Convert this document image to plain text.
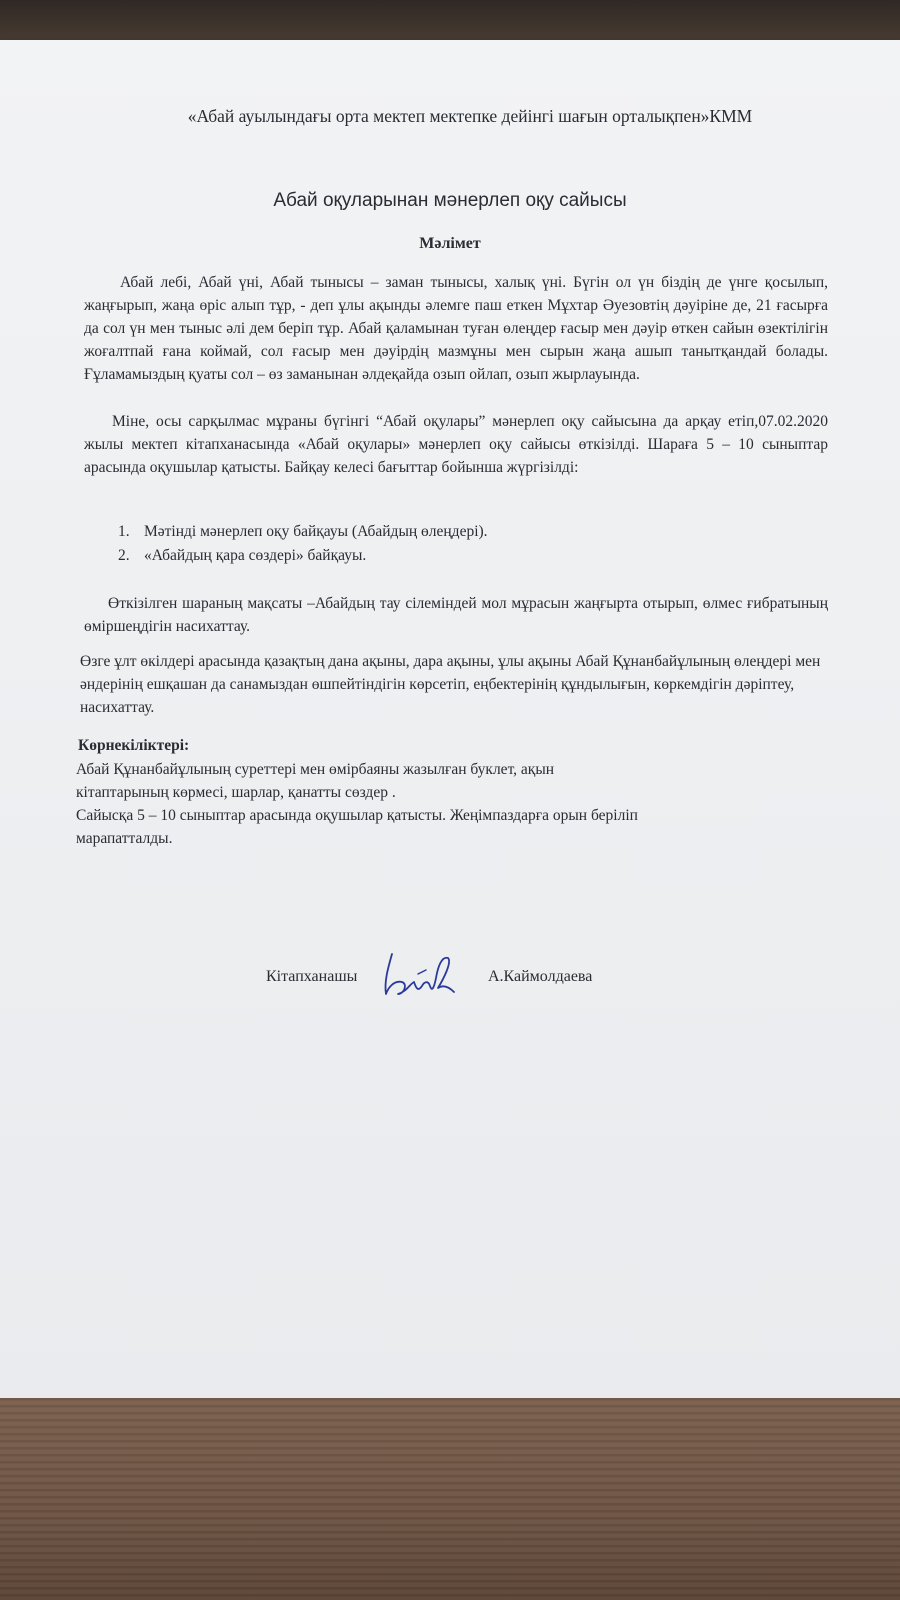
«Абай ауылындағы орта мектеп мектепке дейінгі шағын орталықпен»КММ
Абай оқуларынан мәнерлеп оқу сайысы
Мәлімет

Абай лебі, Абай үні, Абай тынысы – заман тынысы, халық үні. Бүгін ол үн біздің де үнге қосылып, жаңғырып, жаңа өріс алып тұр, - деп ұлы ақынды әлемге паш еткен Мұхтар Әуезовтің дәуіріне де, 21 ғасырға да сол үн мен тыныс әлі дем беріп тұр. Абай қаламынан туған өлеңдер ғасыр мен дәуір өткен сайын өзектілігін жоғалтпай ғана коймай, сол ғасыр мен дәуірдің мазмұны мен сырын жаңа ашып танытқандай болады. Ғұламамыздың қуаты сол – өз заманынан әлдеқайда озып ойлап, озып жырлауында.

Міне, осы сарқылмас мұраны бүгінгі “Абай оқулары” мәнерлеп оқу сайысына да арқау етіп,07.02.2020 жылы мектеп кітапханасында «Абай оқулары» мәнерлеп оқу сайысы өткізілді. Шараға 5 – 10 сыныптар арасында оқушылар қатысты. Байқау келесі бағыттар бойынша жүргізілді:

1. Мәтінді мәнерлеп оқу байқауы (Абайдың өлеңдері).
2. «Абайдың қара сөздері» байқауы.

Өткізілген шараның мақсаты –Абайдың тау сілеміндей мол мұрасын жаңғырта отырып, өлмес ғибратының өміршеңдігін насихаттау.

Өзге ұлт өкілдері арасында қазақтың дана ақыны, дара ақыны, ұлы ақыны Абай Құнанбайұлының өлеңдері мен әндерінің ешқашан да санамыздан өшпейтіндігін көрсетіп, еңбектерінің құндылығын, көркемдігін дәріптеу, насихаттау.

Көрнекіліктері:

Абай Құнанбайұлының суреттері мен өмірбаяны жазылған буклет, ақын
кітаптарының көрмесі, шарлар, қанатты сөздер .
Сайысқа 5 – 10 сыныптар арасында оқушылар қатысты. Жеңімпаздарға орын беріліп
марапатталды.

Кітапханашы	А.Каймолдаева
